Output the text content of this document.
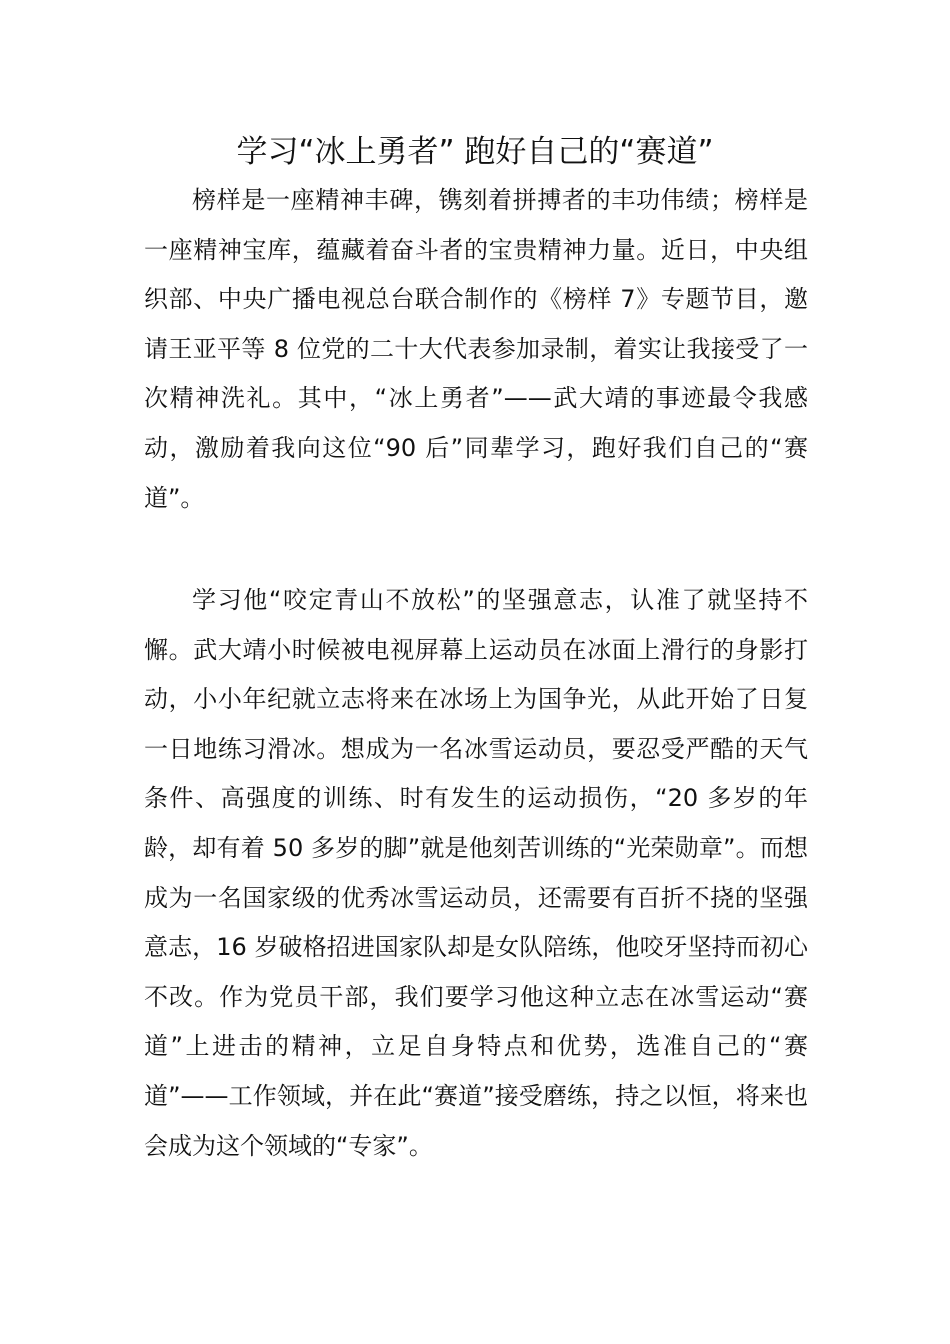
学习“冰上勇者” 跑好自己的“赛道”

榜样是一座精神丰碑，镌刻着拼搏者的丰功伟绩；榜样是一座精神宝库，蕴藏着奋斗者的宝贵精神力量。近日，中央组织部、中央广播电视总台联合制作的《榜样 7》专题节目，邀请王亚平等 8 位党的二十大代表参加录制，着实让我接受了一次精神洗礼。其中，“冰上勇者”——武大靖的事迹最令我感动，激励着我向这位“90 后”同辈学习，跑好我们自己的“赛道”。

学习他“咬定青山不放松”的坚强意志，认准了就坚持不懈。武大靖小时候被电视屏幕上运动员在冰面上滑行的身影打动，小小年纪就立志将来在冰场上为国争光，从此开始了日复一日地练习滑冰。想成为一名冰雪运动员，要忍受严酷的天气条件、高强度的训练、时有发生的运动损伤，“20 多岁的年龄，却有着 50 多岁的脚”就是他刻苦训练的“光荣勋章”。而想成为一名国家级的优秀冰雪运动员，还需要有百折不挠的坚强意志，16 岁破格招进国家队却是女队陪练，他咬牙坚持而初心不改。作为党员干部，我们要学习他这种立志在冰雪运动“赛道”上进击的精神，立足自身特点和优势，选准自己的“赛道”——工作领域，并在此“赛道”接受磨练，持之以恒，将来也会成为这个领域的“专家”。
